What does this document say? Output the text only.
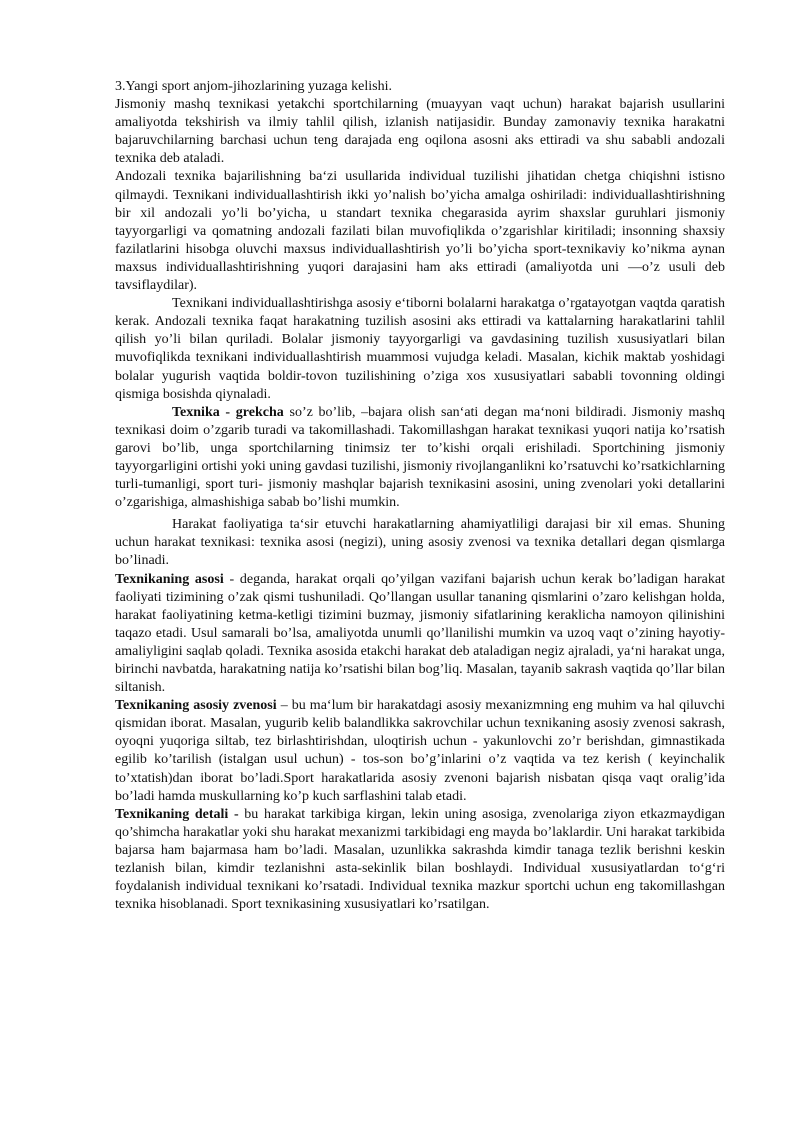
3.Yangi sport anjom-jihozlarining yuzaga kelishi.

Jismoniy mashq texnikasi yetakchi sportchilarning (muayyan vaqt uchun) harakat bajarish usullarini amaliyotda tekshirish va ilmiy tahlil qilish, izlanish natijasidir. Bunday zamonaviy texnika harakatni bajaruvchilarning barchasi uchun teng darajada eng oqilona asosni aks ettiradi va shu sababli andozali texnika deb ataladi.

Andozali texnika bajarilishning ba‘zi usullarida individual tuzilishi jihatidan chetga chiqishni istisno qilmaydi. Texnikani individuallashtirish ikki yo’nalish bo’yicha amalga oshiriladi: individuallashtirishning bir xil andozali yo’li bo’yicha, u standart texnika chegarasida ayrim shaxslar guruhlari jismoniy tayyorgarligi va qomatning andozali fazilati bilan muvofiqlikda o’zgarishlar kiritiladi; insonning shaxsiy fazilatlarini hisobga oluvchi maxsus individuallashtirish yo’li bo’yicha sport-texnikaviy ko’nikma aynan maxsus individuallashtirishning yuqori darajasini ham aks ettiradi (amaliyotda uni —o’z usuli deb tavsiflaydilar).

Texnikani individuallashtirishga asosiy e‘tiborni bolalarni harakatga o’rgatayotgan vaqtda qaratish kerak. Andozali texnika faqat harakatning tuzilish asosini aks ettiradi va kattalarning harakatlarini tahlil qilish yo’li bilan quriladi. Bolalar jismoniy tayyorgarligi va gavdasining tuzilish xususiyatlari bilan muvofiqlikda texnikani individuallashtirish muammosi vujudga keladi. Masalan, kichik maktab yoshidagi bolalar yugurish vaqtida boldir-tovon tuzilishining o’ziga xos xususiyatlari sababli tovonning oldingi qismiga bosishda qiynaladi.

Texnika - grekcha so’z bo’lib, –bajara olish san‘ati degan ma‘noni bildiradi. Jismoniy mashq texnikasi doim o’zgarib turadi va takomillashadi. Takomillashgan harakat texnikasi yuqori natija ko’rsatish garovi bo’lib, unga sportchilarning tinimsiz ter to’kishi orqali erishiladi. Sportchining jismoniy tayyorgarligini ortishi yoki uning gavdasi tuzilishi, jismoniy rivojlanganlikni ko’rsatuvchi ko’rsatkichlarning turli-tumanligi, sport turi- jismoniy mashqlar bajarish texnikasini asosini, uning zvenolari yoki detallarini o’zgarishiga, almashishiga sabab bo’lishi mumkin.

Harakat faoliyatiga ta‘sir etuvchi harakatlarning ahamiyatliligi darajasi bir xil emas. Shuning uchun harakat texnikasi: texnika asosi (negizi), uning asosiy zvenosi va texnika detallari degan qismlarga bo’linadi.

Texnikaning asosi - deganda, harakat orqali qo’yilgan vazifani bajarish uchun kerak bo’ladigan harakat faoliyati tizimining o’zak qismi tushuniladi. Qo’llangan usullar tananing qismlarini o’zaro kelishgan holda, harakat faoliyatining ketma-ketligi tizimini buzmay, jismoniy sifatlarining keraklicha namoyon qilinishini taqazo etadi. Usul samarali bo’lsa, amaliyotda unumli qo’llanilishi mumkin va uzoq vaqt o’zining hayotiy- amaliyligini saqlab qoladi. Texnika asosida etakchi harakat deb ataladigan negiz ajraladi, ya‘ni harakat unga, birinchi navbatda, harakatning natija ko’rsatishi bilan bog’liq. Masalan, tayanib sakrash vaqtida qo’llar bilan siltanish.

Texnikaning asosiy zvenosi – bu ma‘lum bir harakatdagi asosiy mexanizmning eng muhim va hal qiluvchi qismidan iborat. Masalan, yugurib kelib balandlikka sakrovchilar uchun texnikaning asosiy zvenosi sakrash, oyoqni yuqoriga siltab, tez birlashtirishdan, uloqtirish uchun - yakunlovchi zo’r berishdan, gimnastikada egilib ko’tarilish (istalgan usul uchun) - tos-son bo’g’inlarini o’z vaqtida va tez kerish ( keyinchalik to’xtatish)dan iborat bo’ladi.Sport harakatlarida asosiy zvenoni bajarish nisbatan qisqa vaqt oralig’ida bo’ladi hamda muskullarning ko’p kuch sarflashini talab etadi.

Texnikaning detali - bu harakat tarkibiga kirgan, lekin uning asosiga, zvenolariga ziyon etkazmaydigan qo’shimcha harakatlar yoki shu harakat mexanizmi tarkibidagi eng mayda bo’laklardir. Uni harakat tarkibida bajarsa ham bajarmasa ham bo’ladi. Masalan, uzunlikka sakrashda kimdir tanaga tezlik berishni keskin tezlanish bilan, kimdir tezlanishni asta-sekinlik bilan boshlaydi. Individual xususiyatlardan to‘g‘ri foydalanish individual texnikani ko’rsatadi. Individual texnika mazkur sportchi uchun eng takomillashgan texnika hisoblanadi. Sport texnikasining xususiyatlari ko’rsatilgan.
